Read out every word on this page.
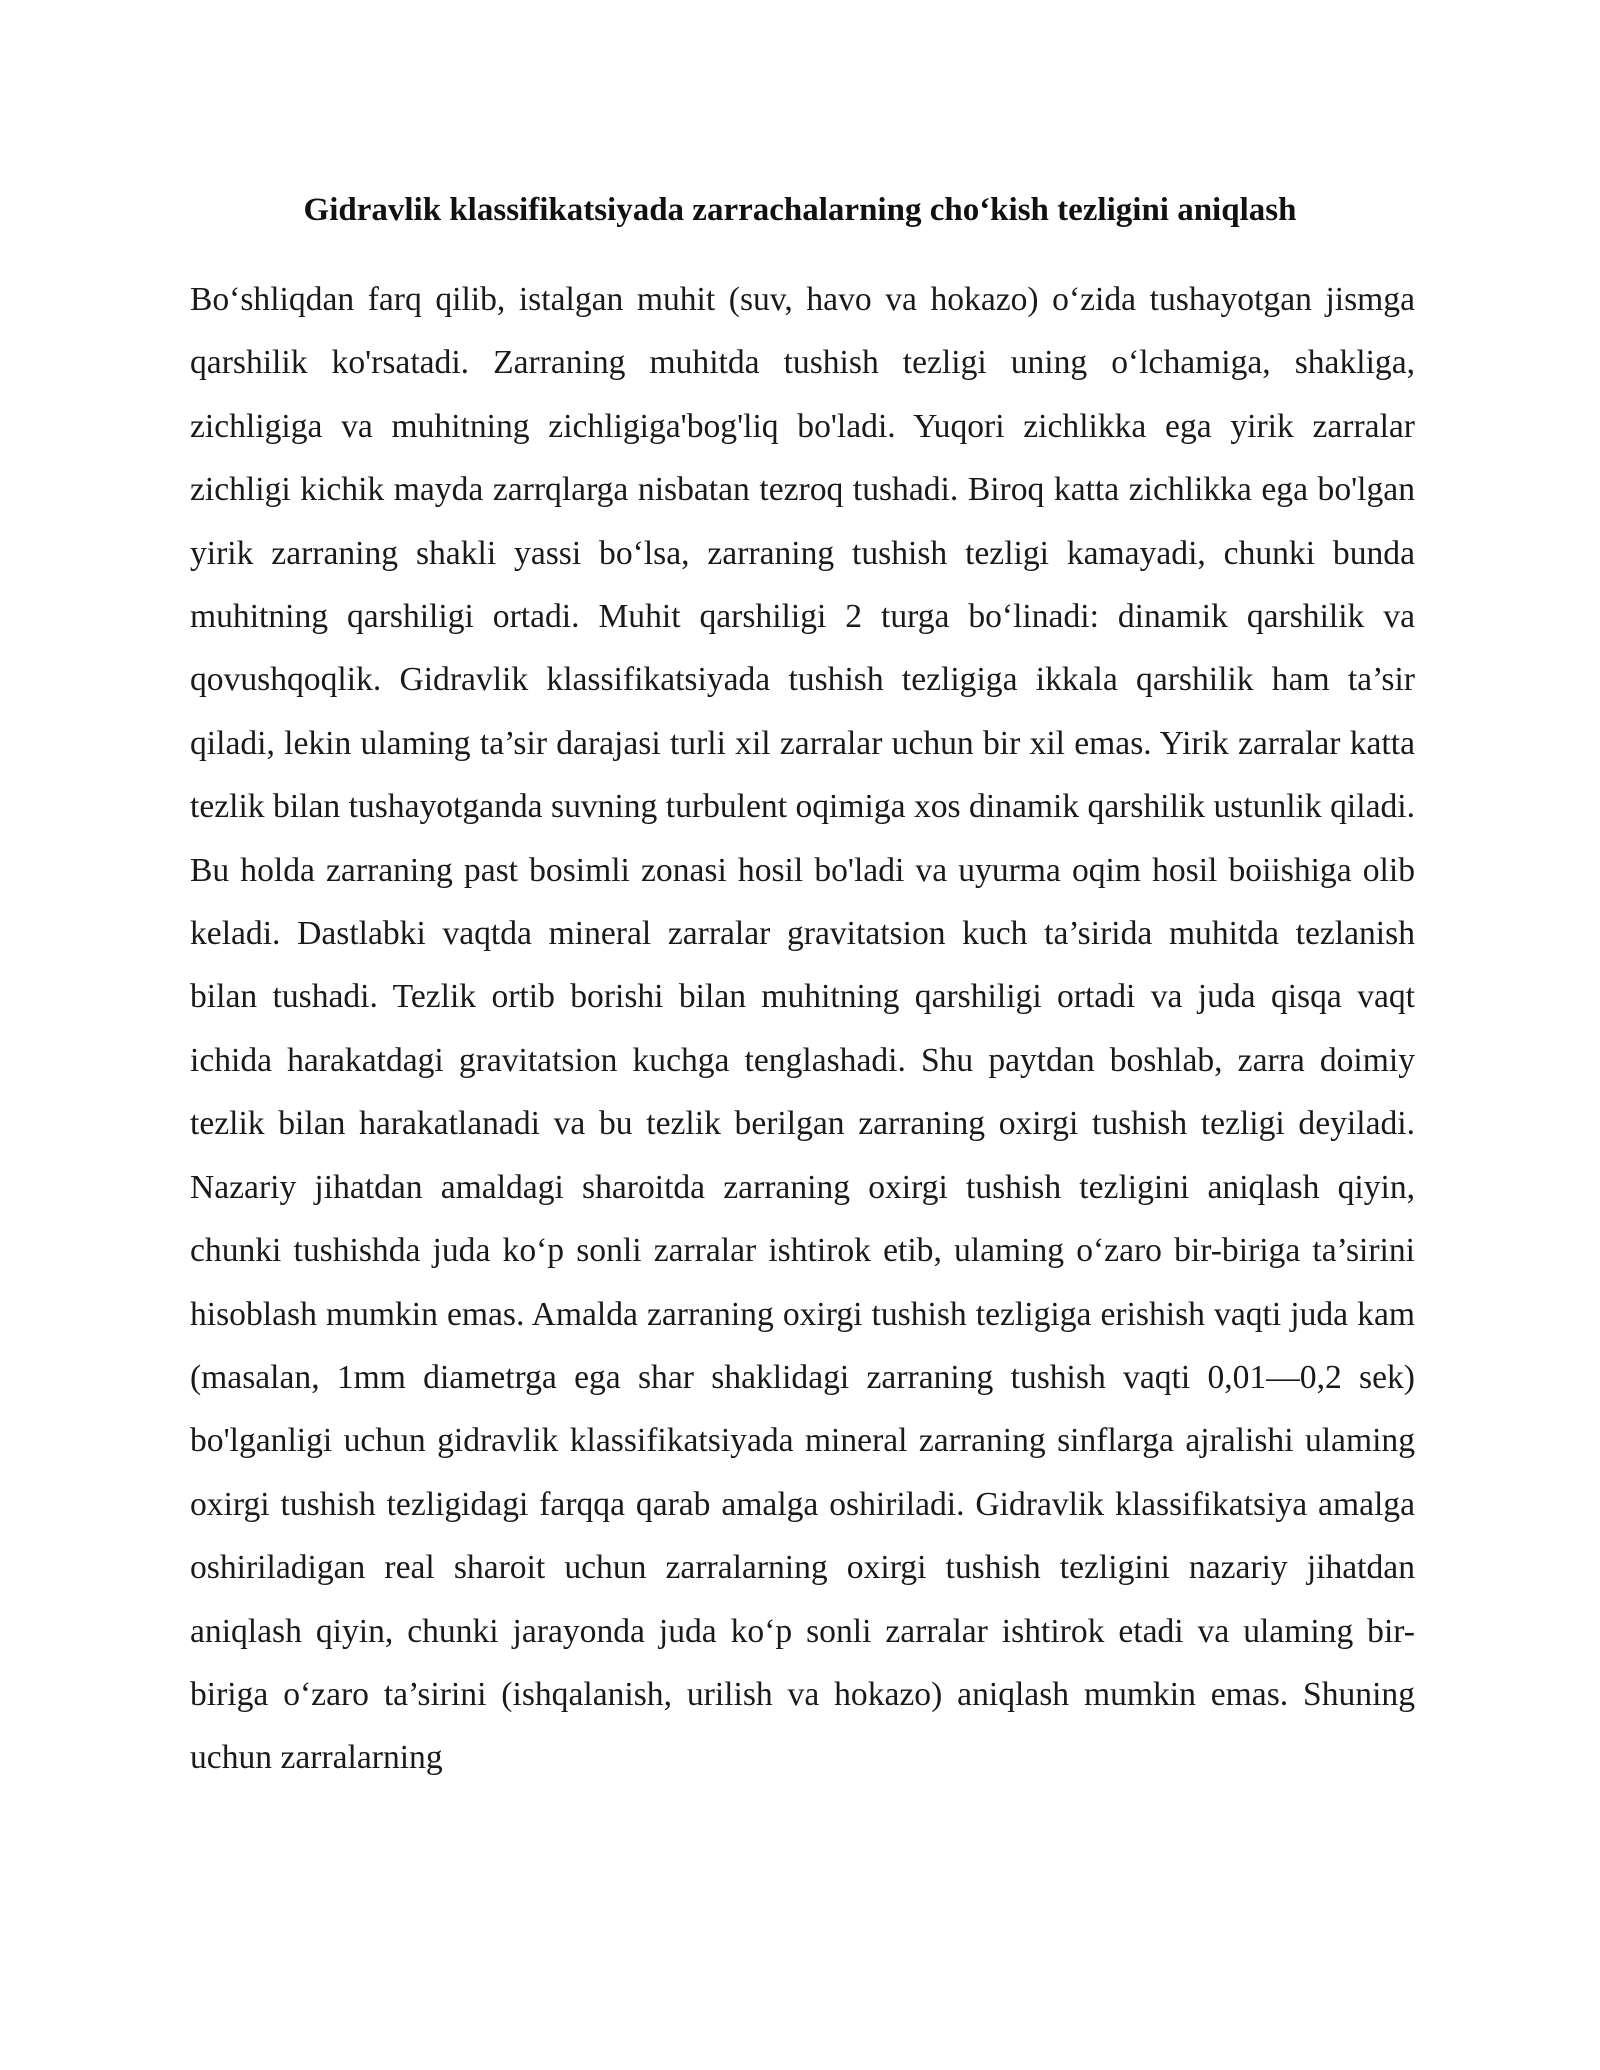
Gidravlik klassifikatsiyada zarrachalarning cho‘kish tezligini aniqlash

Bo‘shliqdan farq qilib, istalgan muhit (suv, havo va hokazo) o‘zida tushayotgan jismga qarshilik ko'rsatadi. Zarraning muhitda tushish tezligi uning o‘lchamiga, shakliga, zichligiga va muhitning zichligiga'bog'liq bo'ladi. Yuqori zichlikka ega yirik zarralar zichligi kichik mayda zarrqlarga nisbatan tezroq tushadi. Biroq katta zichlikka ega bo'lgan yirik zarraning shakli yassi bo‘lsa, zarraning tushish tezligi kamayadi, chunki bunda muhitning qarshiligi ortadi. Muhit qarshiligi 2 turga bo‘linadi: dinamik qarshilik va qovushqoqlik. Gidravlik klassifikatsiyada tushish tezligiga ikkala qarshilik ham ta’sir qiladi, lekin ulaming ta’sir darajasi turli xil zarralar uchun bir xil emas. Yirik zarralar katta tezlik bilan tushayotganda suvning turbulent oqimiga xos dinamik qarshilik ustunlik qiladi. Bu holda zarraning past bosimli zonasi hosil bo'ladi va uyurma oqim hosil boiishiga olib keladi. Dastlabki vaqtda mineral zarralar gravitatsion kuch ta’sirida muhitda tezlanish bilan tushadi. Tezlik ortib borishi bilan muhitning qarshiligi ortadi va juda qisqa vaqt ichida harakatdagi gravitatsion kuchga tenglashadi. Shu paytdan boshlab, zarra doimiy tezlik bilan harakatlanadi va bu tezlik berilgan zarraning oxirgi tushish tezligi deyiladi. Nazariy jihatdan amaldagi sharoitda zarraning oxirgi tushish tezligini aniqlash qiyin, chunki tushishda juda ko‘p sonli zarralar ishtirok etib, ulaming o‘zaro bir-biriga ta’sirini hisoblash mumkin emas. Amalda zarraning oxirgi tushish tezligiga erishish vaqti juda kam (masalan, 1mm diametrga ega shar shaklidagi zarraning tushish vaqti 0,01—0,2 sek) bo'lganligi uchun gidravlik klassifikatsiyada mineral zarraning sinflarga ajralishi ulaming oxirgi tushish tezligidagi farqqa qarab amalga oshiriladi. Gidravlik klassifikatsiya amalga oshiriladigan real sharoit uchun zarralarning oxirgi tushish tezligini nazariy jihatdan aniqlash qiyin, chunki jarayonda juda ko‘p sonli zarralar ishtirok etadi va ulaming bir- biriga o‘zaro ta’sirini (ishqalanish, urilish va hokazo) aniqlash mumkin emas. Shuning uchun zarralarning
